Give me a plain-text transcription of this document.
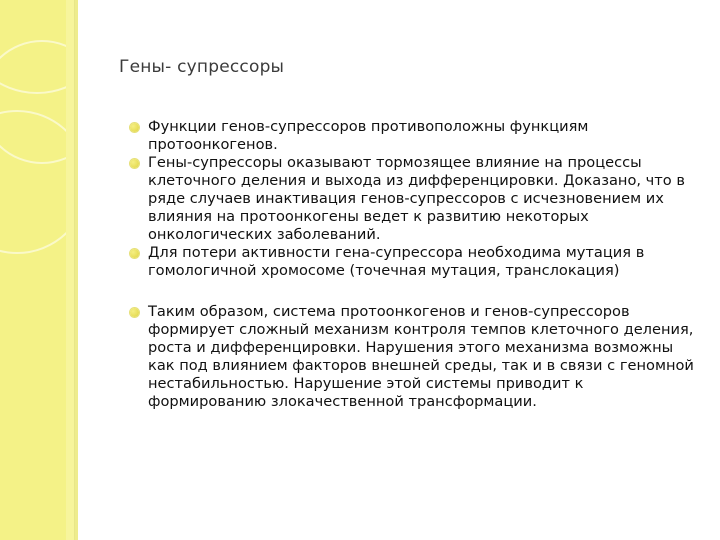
Гены- супрессоры
Функции генов-супрессоров противоположны функциям протоонкогенов.
Гены-супрессоры оказывают тормозящее влияние на процессы клеточного деления и выхода из дифференцировки. Доказано, что в ряде случаев инактивация генов-супрессоров с исчезновением их влияния на протоонкогены ведет к развитию некоторых онкологических заболеваний.
Для потери активности гена-супрессора необходима мутация в гомологичной хромосоме (точечная мутация, транслокация)
Таким образом, система протоонкогенов и генов-супрессоров формирует сложный механизм контроля темпов клеточного деления, роста и дифференцировки. Нарушения этого механизма возможны как под влиянием факторов внешней среды, так и в связи с геномной нестабильностью. Нарушение этой системы приводит к формированию злокачественной трансформации.
